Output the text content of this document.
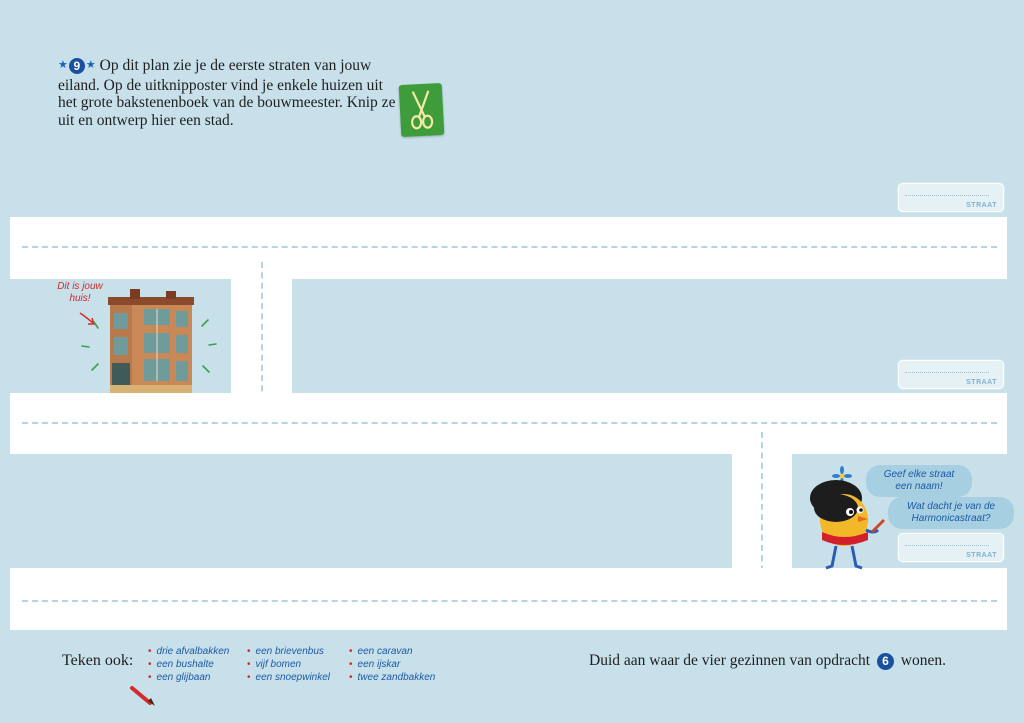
★ 9 ★ Op dit plan zie je de eerste straten van jouw eiland. Op de uitknipposter vind je enkele huizen uit het grote bakstenenboek van de bouwmeester. Knip ze uit en ontwerp hier een stad.
STRAAT
STRAAT
STRAAT
Dit is jouw huis!
Geef elke straat een naam!
Wat dacht je van de Harmonicastraat?
Teken ook:
• drie afvalbakken
• een bushalte
• een glijbaan
• een brievenbus
• vijf bomen
• een snoepwinkel
• een caravan
• een ijskar
• twee zandbakken
Duid aan waar de vier gezinnen van opdracht 6 wonen.
